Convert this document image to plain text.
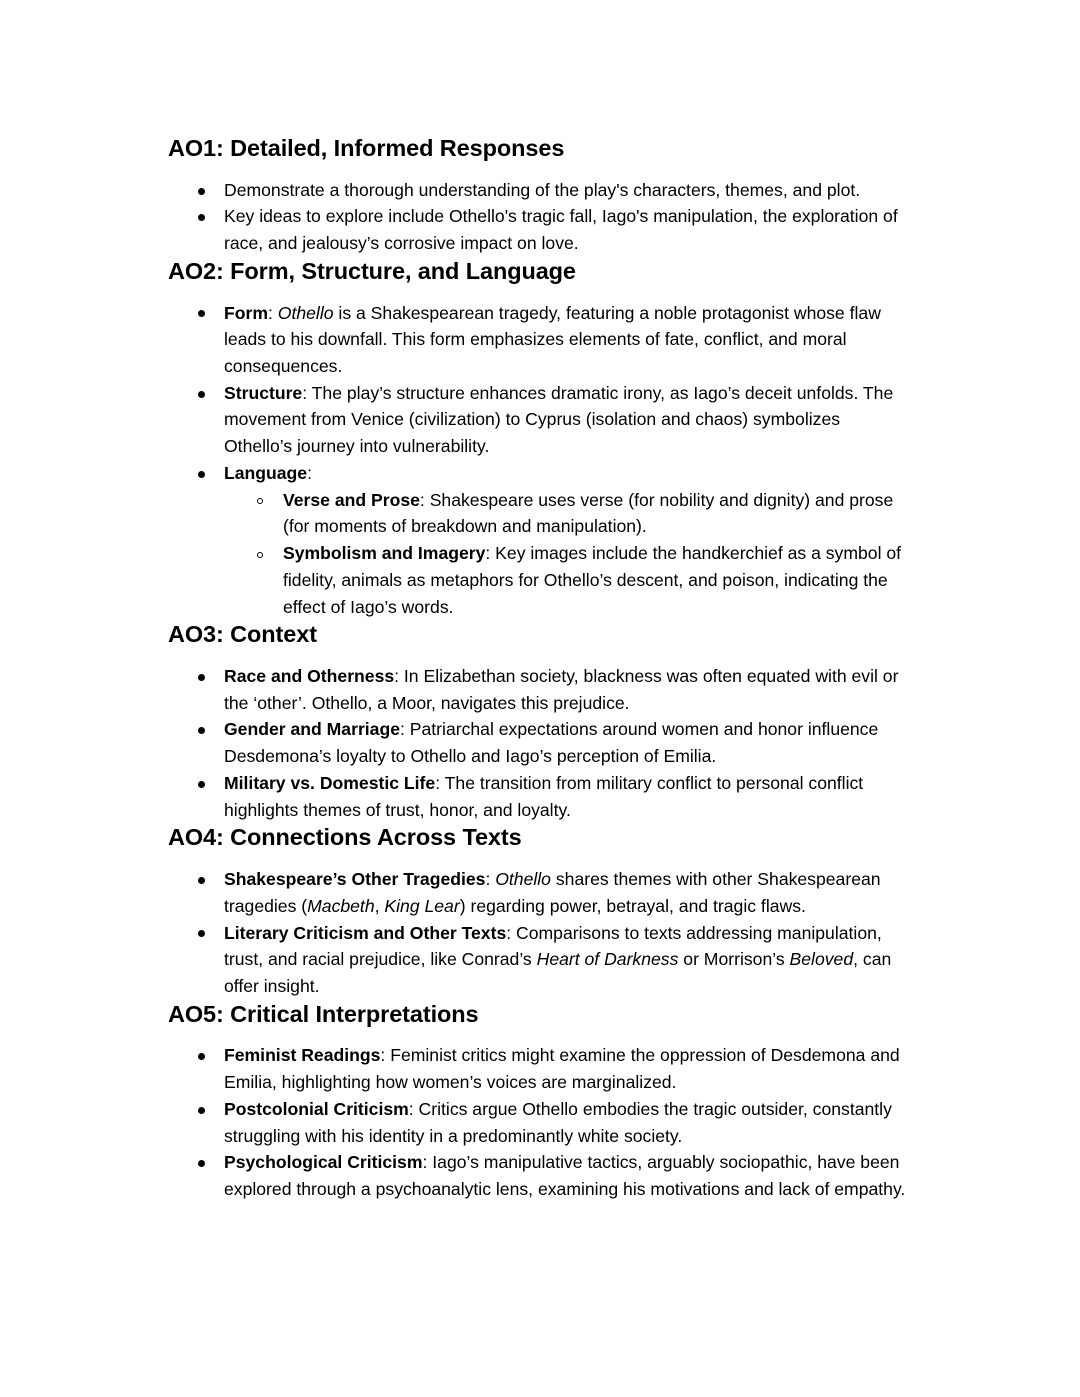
AO1: Detailed, Informed Responses
Demonstrate a thorough understanding of the play's characters, themes, and plot.
Key ideas to explore include Othello's tragic fall, Iago's manipulation, the exploration of race, and jealousy’s corrosive impact on love.
AO2: Form, Structure, and Language
Form: Othello is a Shakespearean tragedy, featuring a noble protagonist whose flaw leads to his downfall. This form emphasizes elements of fate, conflict, and moral consequences.
Structure: The play’s structure enhances dramatic irony, as Iago’s deceit unfolds. The movement from Venice (civilization) to Cyprus (isolation and chaos) symbolizes Othello’s journey into vulnerability.
Language:
Verse and Prose: Shakespeare uses verse (for nobility and dignity) and prose (for moments of breakdown and manipulation).
Symbolism and Imagery: Key images include the handkerchief as a symbol of fidelity, animals as metaphors for Othello’s descent, and poison, indicating the effect of Iago’s words.
AO3: Context
Race and Otherness: In Elizabethan society, blackness was often equated with evil or the ‘other’. Othello, a Moor, navigates this prejudice.
Gender and Marriage: Patriarchal expectations around women and honor influence Desdemona’s loyalty to Othello and Iago’s perception of Emilia.
Military vs. Domestic Life: The transition from military conflict to personal conflict highlights themes of trust, honor, and loyalty.
AO4: Connections Across Texts
Shakespeare’s Other Tragedies: Othello shares themes with other Shakespearean tragedies (Macbeth, King Lear) regarding power, betrayal, and tragic flaws.
Literary Criticism and Other Texts: Comparisons to texts addressing manipulation, trust, and racial prejudice, like Conrad’s Heart of Darkness or Morrison’s Beloved, can offer insight.
AO5: Critical Interpretations
Feminist Readings: Feminist critics might examine the oppression of Desdemona and Emilia, highlighting how women’s voices are marginalized.
Postcolonial Criticism: Critics argue Othello embodies the tragic outsider, constantly struggling with his identity in a predominantly white society.
Psychological Criticism: Iago’s manipulative tactics, arguably sociopathic, have been explored through a psychoanalytic lens, examining his motivations and lack of empathy.
